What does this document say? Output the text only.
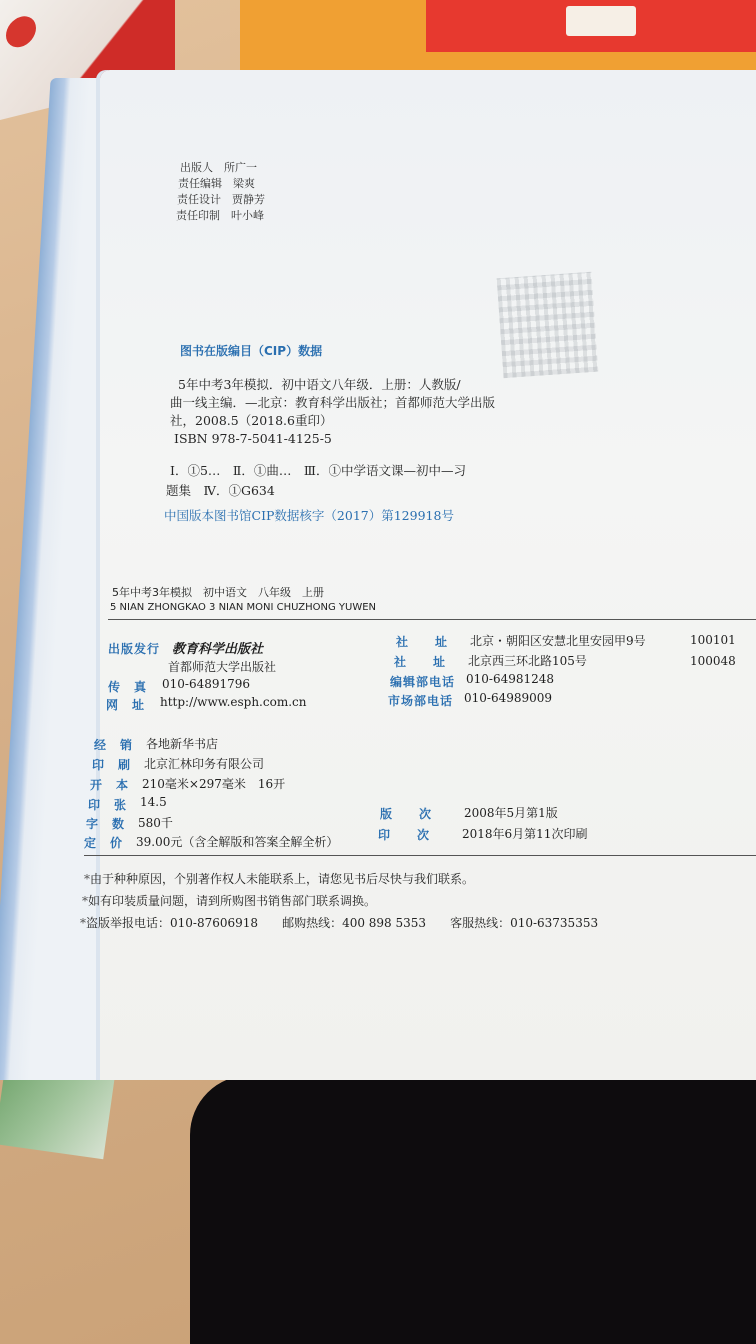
出版人　 所广一
责任编辑　 梁爽
责任设计　 贾静芳
责任印制　 叶小峰
图书在版编目（CIP）数据
5年中考3年模拟．初中语文八年级．上册：人教版/
曲一线主编．—北京：教育科学出版社；首都师范大学出版
社，2008.5（2018.6重印）
ISBN 978-7-5041-4125-5
Ⅰ．①5…　Ⅱ．①曲…　Ⅲ．①中学语文课—初中—习
题集　Ⅳ．①G634
中国版本图书馆CIP数据核字（2017）第129918号
5年中考3年模拟　初中语文　八年级　上册
5 NIAN ZHONGKAO 3 NIAN MONI CHUZHONG YUWEN
出版发行 教育科学出版社
首都师范大学出版社
传　真 010-64891796
网　址 http://www.esph.com.cn
社　　址 北京・朝阳区安慧北里安园甲9号	100101
社　　址 北京西三环北路105号	100048
编辑部电话 010-64981248
市场部电话 010-64989009
经　销 各地新华书店
印　刷 北京汇林印务有限公司
开　本 210毫米×297毫米　16开
印　张 14.5
字　数 580千
定　价 39.00元（含全解版和答案全解全析）
版　　次	2008年5月第1版
印　　次	2018年6月第11次印刷
*由于种种原因，个别著作权人未能联系上，请您见书后尽快与我们联系。
*如有印装质量问题，请到所购图书销售部门联系调换。
*盗版举报电话：010-87606918　　 邮购热线：400 898 5353　　 客服热线：010-63735353
